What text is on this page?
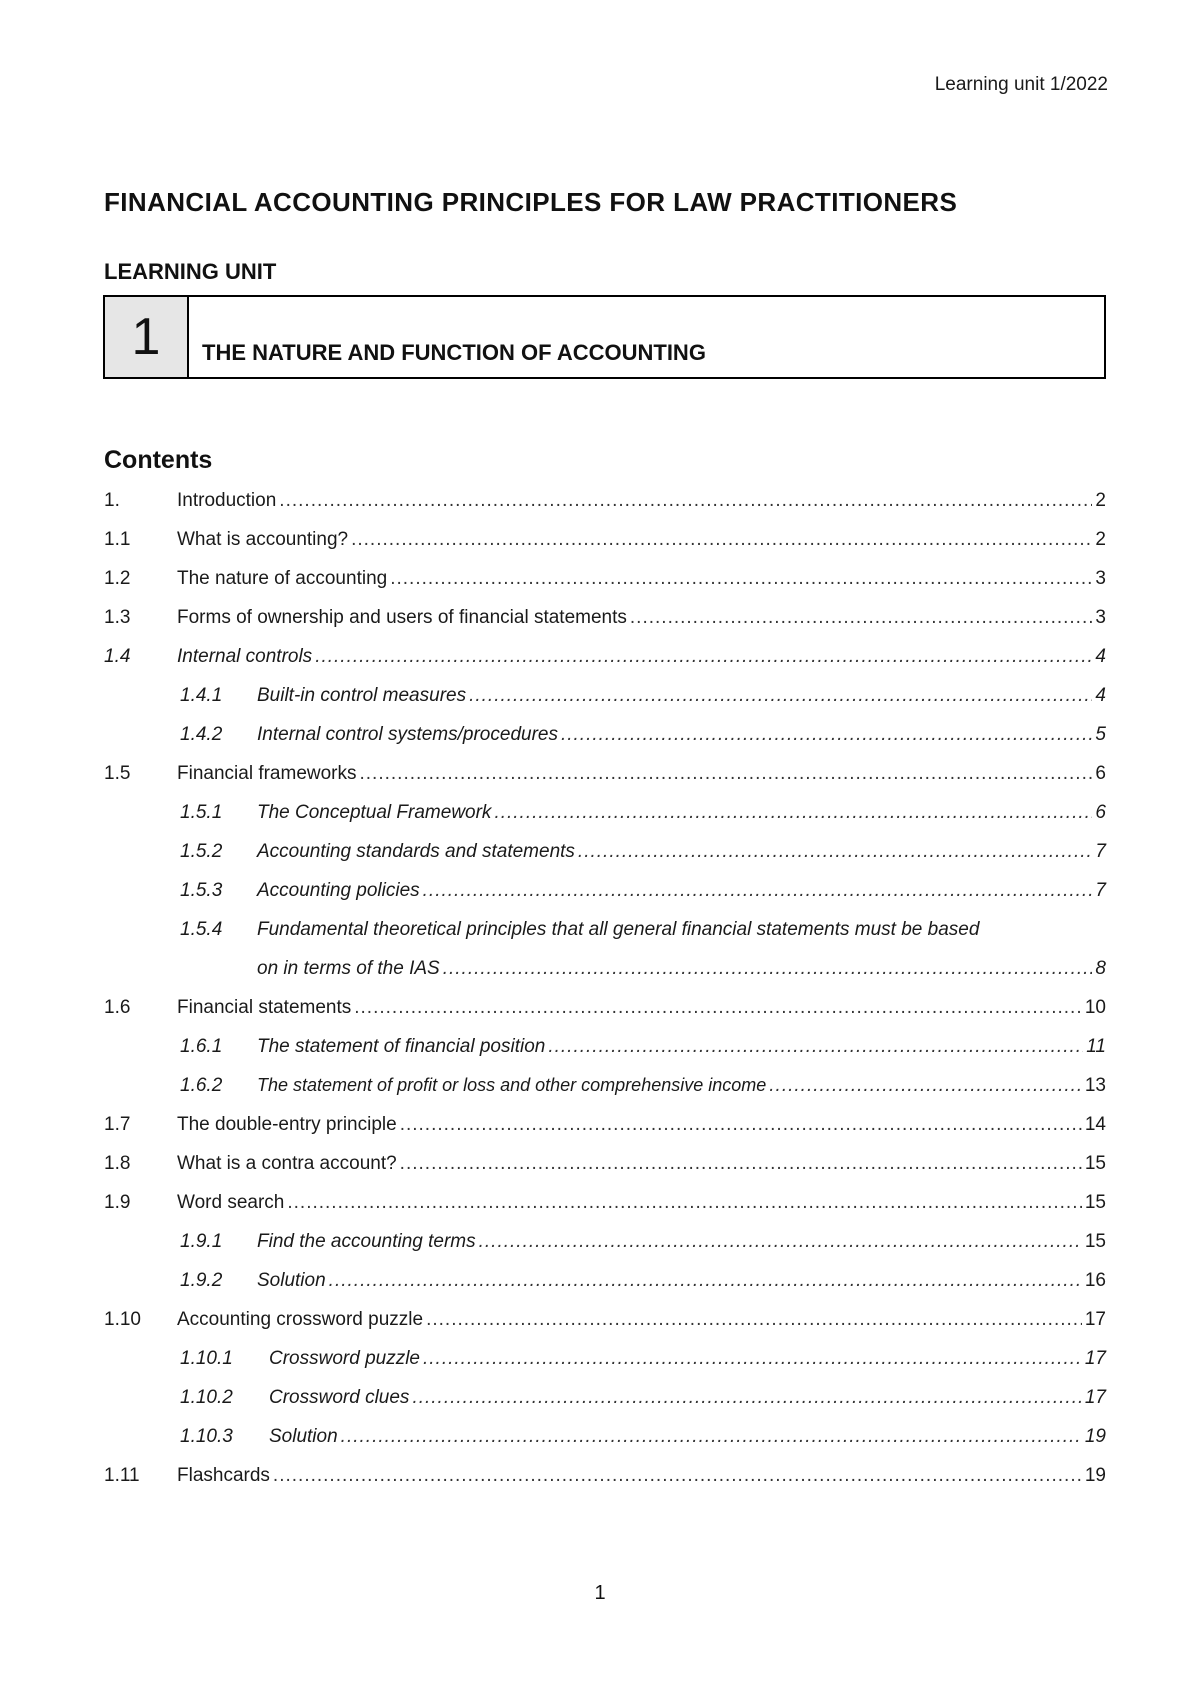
Learning unit 1/2022
FINANCIAL ACCOUNTING PRINCIPLES FOR LAW PRACTITIONERS
LEARNING UNIT
1	THE NATURE AND FUNCTION OF ACCOUNTING
Contents
1.	Introduction .....	2
1.1	What is accounting? .....	2
1.2	The nature of accounting .....	3
1.3	Forms of ownership and users of financial statements .....	3
1.4	Internal controls .....	4
1.4.1	Built-in control measures .....	4
1.4.2	Internal control systems/procedures .....	5
1.5	Financial frameworks .....	6
1.5.1	The Conceptual Framework .....	6
1.5.2	Accounting standards and statements .....	7
1.5.3	Accounting policies .....	7
1.5.4	Fundamental theoretical principles that all general financial statements must be based
on in terms of the IAS .....	8
1.6	Financial statements .....	10
1.6.1	The statement of financial position .....	11
1.6.2	The statement of profit or loss and other comprehensive income .....	13
1.7	The double-entry principle .....	14
1.8	What is a contra account? .....	15
1.9	Word search .....	15
1.9.1	Find the accounting terms .....	15
1.9.2	Solution .....	16
1.10	Accounting crossword puzzle .....	17
1.10.1	Crossword puzzle .....	17
1.10.2	Crossword clues .....	17
1.10.3	Solution .....	19
1.11	Flashcards .....	19
1
